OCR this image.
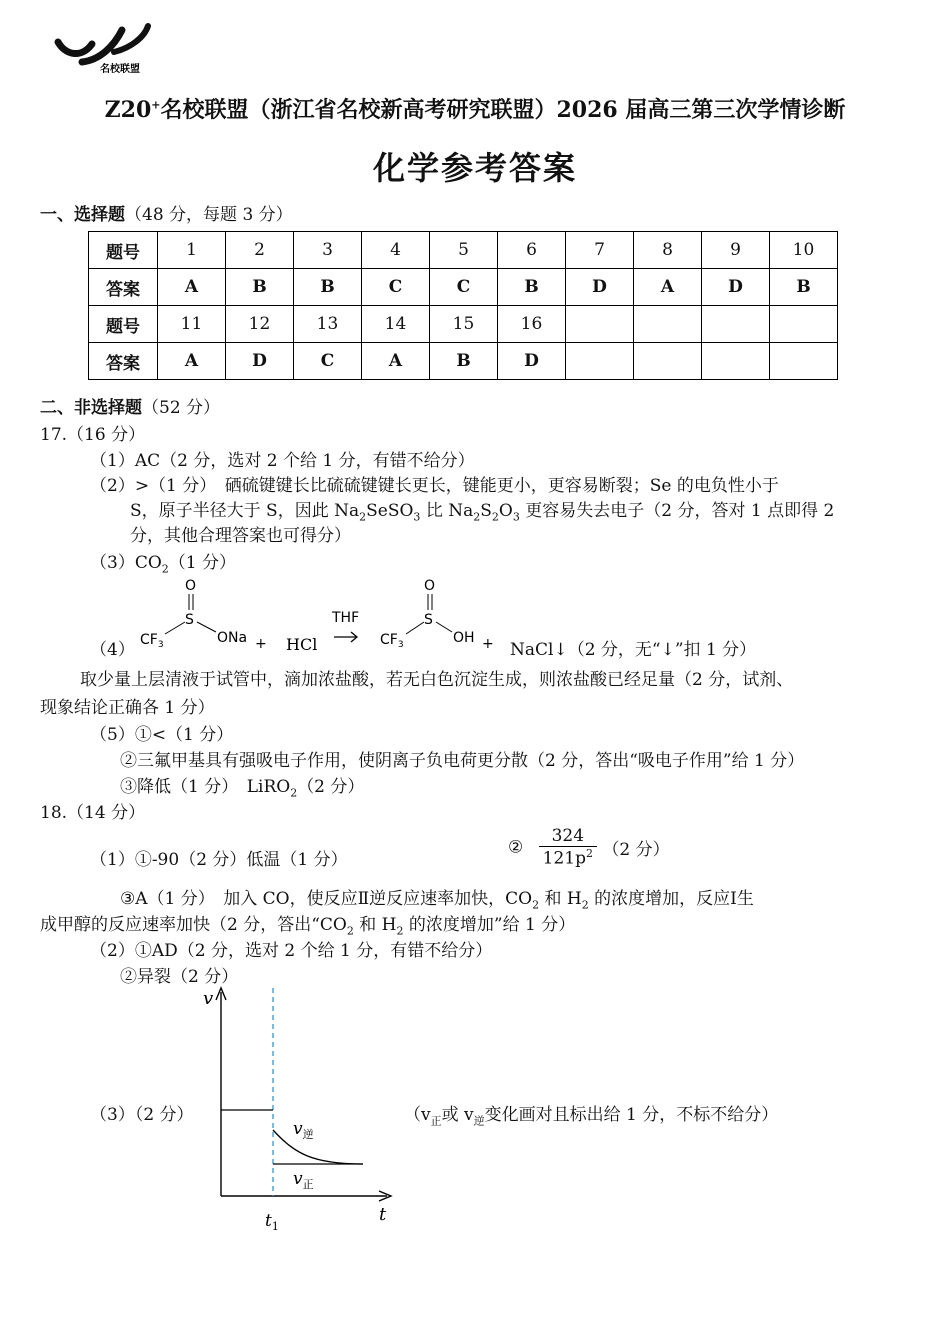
名校联盟
Z20+名校联盟（浙江省名校新高考研究联盟）2026 届高三第三次学情诊断
化学参考答案
一、选择题（48 分，每题 3 分）
题号	1	2	3	4	5	6	7	8	9	10
答案	A	B	B	C	C	B	D	A	D	B
题号	11	12	13	14	15	16				
答案	A	D	C	A	B	D				
二、非选择题（52 分）
17.（16 分）
（1）AC（2 分，选对 2 个给 1 分，有错不给分）
（2）>（1 分）　硒硫键键长比硫硫键键长更长，键能更小，更容易断裂；Se 的电负性小于
S，原子半径大于 S，因此 $Na_2SeSO_3$ 比 $Na_2S_2O_3$ 更容易失去电子（2 分，答对 1 点即得 2
分，其他合理答案也可得分）
$(3)CO_2(1$ 分）
（4）
O
S
$CF_3$	ONa + HCl
THF
O
S
$CF_3$	OH + NaCl↓（2 分，无“↓”扣 1 分）
取少量上层清液于试管中，滴加浓盐酸，若无白色沉淀生成，则浓盐酸已经足量（2 分，试剂、
现象结论正确各 1 分）
（5）①<（1 分）
②三氟甲基具有强吸电子作用，使阴离子负电荷更分散（2 分，答出“吸电子作用”给 1 分）
③降低（1 分）　LiRO$_2$（2 分）
18.（14 分）
（1）①-90（2 分）低温（1 分）
② $\frac{324}{121p^2} (2$ 分）
③A（1 分）　加入 CO，使反应Ⅱ逆反应速率加快，$CO_2$ 和 $H_2$ 的浓度增加，反应Ⅰ生
成甲醇的反应速率加快（2 分，答出“$CO_2$ 和 $H_2$ 的浓度增加”给 1 分）
（2）①AD（2 分，选对 2 个给 1 分，有错不给分）
②异裂（2 分）
（3）（2 分）
v
t
$t_1$
$v_逆$
$v_正$
（$v_正$或 $v_逆$变化画对且标出给 1 分，不标不给分）
